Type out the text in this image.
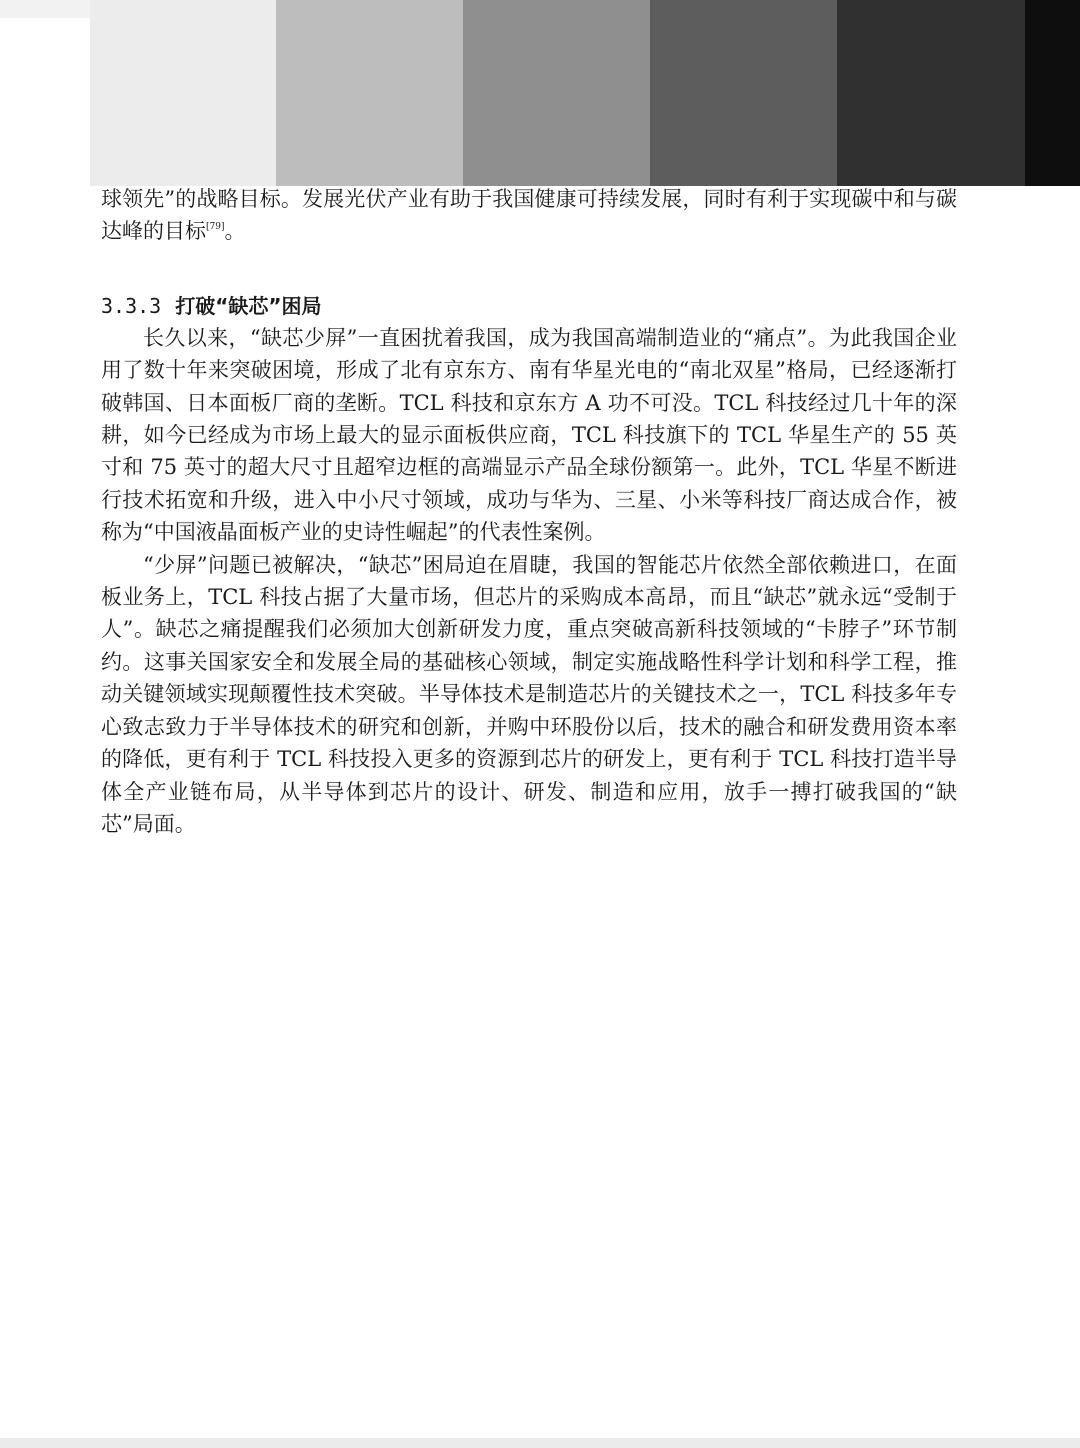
球领先”的战略目标。发展光伏产业有助于我国健康可持续发展，同时有利于实现碳中和与碳达峰的目标[79]。

3.3.3 打破“缺芯”困局

长久以来，“缺芯少屏”一直困扰着我国，成为我国高端制造业的“痛点”。为此我国企业用了数十年来突破困境，形成了北有京东方、南有华星光电的“南北双星”格局，已经逐渐打破韩国、日本面板厂商的垄断。TCL 科技和京东方 A 功不可没。TCL 科技经过几十年的深耕，如今已经成为市场上最大的显示面板供应商，TCL 科技旗下的 TCL 华星生产的 55 英寸和 75 英寸的超大尺寸且超窄边框的高端显示产品全球份额第一。此外，TCL 华星不断进行技术拓宽和升级，进入中小尺寸领域，成功与华为、三星、小米等科技厂商达成合作，被称为“中国液晶面板产业的史诗性崛起”的代表性案例。

“少屏”问题已被解决，“缺芯”困局迫在眉睫，我国的智能芯片依然全部依赖进口，在面板业务上，TCL 科技占据了大量市场，但芯片的采购成本高昂，而且“缺芯”就永远“受制于人”。缺芯之痛提醒我们必须加大创新研发力度，重点突破高新科技领域的“卡脖子”环节制约。这事关国家安全和发展全局的基础核心领域，制定实施战略性科学计划和科学工程，推动关键领域实现颠覆性技术突破。半导体技术是制造芯片的关键技术之一，TCL 科技多年专心致志致力于半导体技术的研究和创新，并购中环股份以后，技术的融合和研发费用资本率的降低，更有利于 TCL 科技投入更多的资源到芯片的研发上，更有利于 TCL 科技打造半导体全产业链布局，从半导体到芯片的设计、研发、制造和应用，放手一搏打破我国的“缺芯”局面。
